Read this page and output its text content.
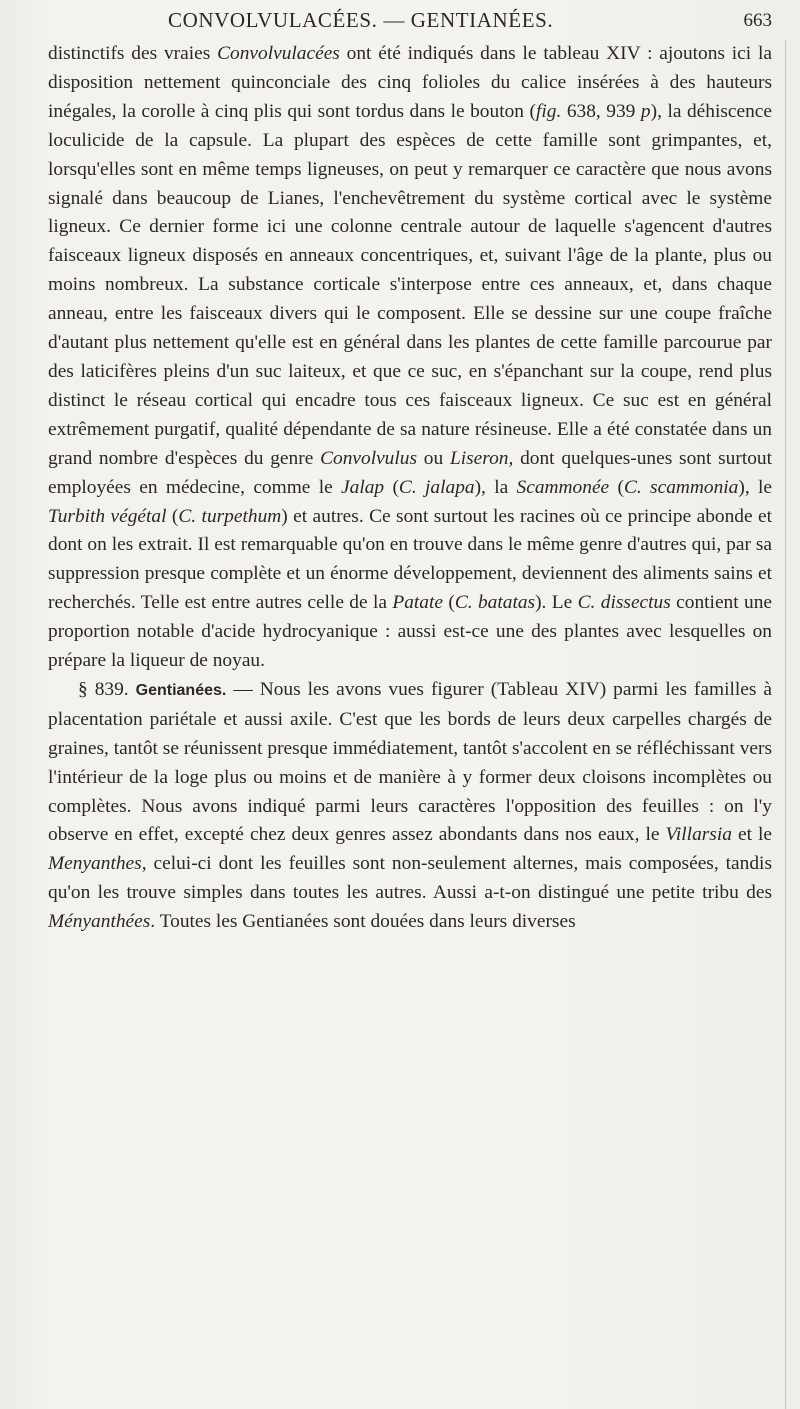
CONVOLVULACÉES. — GENTIANÉES.	663

distinctifs des vraies Convolvulacées ont été indiqués dans le tableau XIV : ajoutons ici la disposition nettement quinconciale des cinq folioles du calice insérées à des hauteurs inégales, la corolle à cinq plis qui sont tordus dans le bouton (fig. 638, 939 p), la déhiscence loculicide de la capsule. La plupart des espèces de cette famille sont grimpantes, et, lorsqu'elles sont en même temps ligneuses, on peut y remarquer ce caractère que nous avons signalé dans beaucoup de Lianes, l'enchevêtrement du système cortical avec le système ligneux. Ce dernier forme ici une colonne centrale autour de laquelle s'agencent d'autres faisceaux ligneux disposés en anneaux concentriques, et, suivant l'âge de la plante, plus ou moins nombreux. La substance corticale s'interpose entre ces anneaux, et, dans chaque anneau, entre les faisceaux divers qui le composent. Elle se dessine sur une coupe fraîche d'autant plus nettement qu'elle est en général dans les plantes de cette famille parcourue par des laticifères pleins d'un suc laiteux, et que ce suc, en s'épanchant sur la coupe, rend plus distinct le réseau cortical qui encadre tous ces faisceaux ligneux. Ce suc est en général extrêmement purgatif, qualité dépendante de sa nature résineuse. Elle a été constatée dans un grand nombre d'espèces du genre Convolvulus ou Liseron, dont quelques-unes sont surtout employées en médecine, comme le Jalap (C. jalapa), la Scammonée (C. scammonia), le Turbith végétal (C. turpethum) et autres. Ce sont surtout les racines où ce principe abonde et dont on les extrait. Il est remarquable qu'on en trouve dans le même genre d'autres qui, par sa suppression presque complète et un énorme développement, deviennent des aliments sains et recherchés. Telle est entre autres celle de la Patate (C. batatas). Le C. dissectus contient une proportion notable d'acide hydrocyanique : aussi est-ce une des plantes avec lesquelles on prépare la liqueur de noyau.

§ 839. Gentianées. — Nous les avons vues figurer (Tableau XIV) parmi les familles à placentation pariétale et aussi axile. C'est que les bords de leurs deux carpelles chargés de graines, tantôt se réunissent presque immédiatement, tantôt s'accolent en se réfléchissant vers l'intérieur de la loge plus ou moins et de manière à y former deux cloisons incomplètes ou complètes. Nous avons indiqué parmi leurs caractères l'opposition des feuilles : on l'y observe en effet, excepté chez deux genres assez abondants dans nos eaux, le Villarsia et le Menyanthes, celui-ci dont les feuilles sont non-seulement alternes, mais composées, tandis qu'on les trouve simples dans toutes les autres. Aussi a-t-on distingué une petite tribu des Ményanthées. Toutes les Gentianées sont douées dans leurs diverses
